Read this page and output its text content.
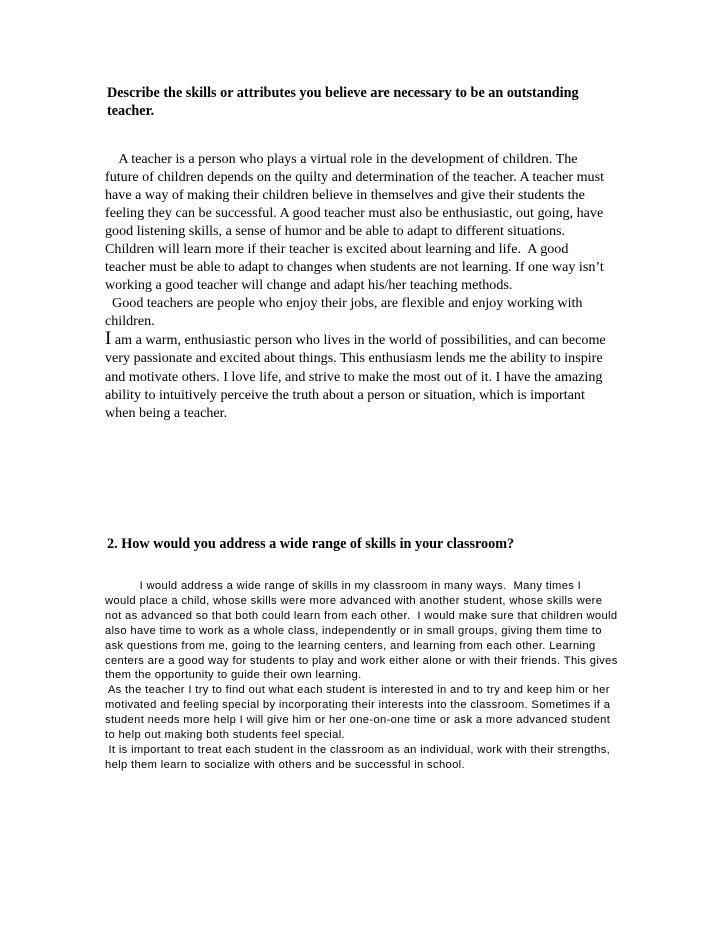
Describe the skills or attributes you believe are necessary to be an outstanding
teacher.
A teacher is a person who plays a virtual role in the development of children. The
future of children depends on the quilty and determination of the teacher. A teacher must
have a way of making their children believe in themselves and give their students the
feeling they can be successful. A good teacher must also be enthusiastic, out going, have
good listening skills, a sense of humor and be able to adapt to different situations.
Children will learn more if their teacher is excited about learning and life.  A good
teacher must be able to adapt to changes when students are not learning. If one way isn’t
working a good teacher will change and adapt his/her teaching methods.
Good teachers are people who enjoy their jobs, are flexible and enjoy working with
children.
I am a warm, enthusiastic person who lives in the world of possibilities, and can become
very passionate and excited about things. This enthusiasm lends me the ability to inspire
and motivate others. I love life, and strive to make the most out of it. I have the amazing
ability to intuitively perceive the truth about a person or situation, which is important
when being a teacher.
2. How would you address a wide range of skills in your classroom?
I would address a wide range of skills in my classroom in many ways.  Many times I
would place a child, whose skills were more advanced with another student, whose skills were
not as advanced so that both could learn from each other.  I would make sure that children would
also have time to work as a whole class, independently or in small groups, giving them time to
ask questions from me, going to the learning centers, and learning from each other. Learning
centers are a good way for students to play and work either alone or with their friends. This gives
them the opportunity to guide their own learning.
As the teacher I try to find out what each student is interested in and to try and keep him or her
motivated and feeling special by incorporating their interests into the classroom. Sometimes if a
student needs more help I will give him or her one-on-one time or ask a more advanced student
to help out making both students feel special.
It is important to treat each student in the classroom as an individual, work with their strengths,
help them learn to socialize with others and be successful in school.
